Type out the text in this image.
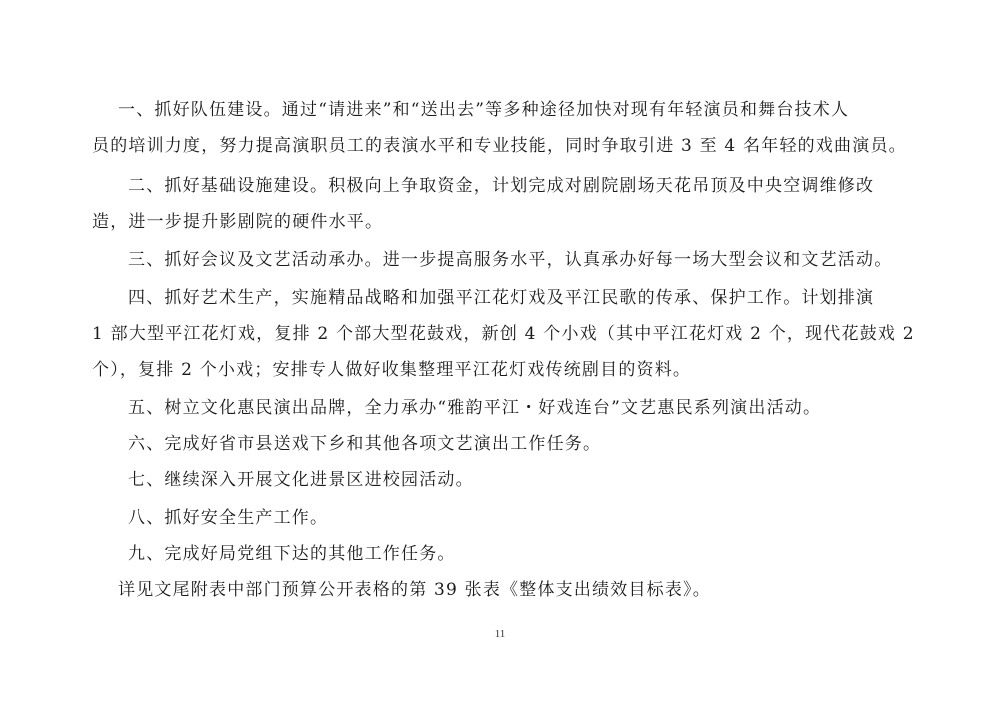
一、抓好队伍建设。通过“请进来”和“送出去”等多种途径加快对现有年轻演员和舞台技术人

员的培训力度，努力提高演职员工的表演水平和专业技能，同时争取引进 3 至 4 名年轻的戏曲演员。

二、抓好基础设施建设。积极向上争取资金，计划完成对剧院剧场天花吊顶及中央空调维修改

造，进一步提升影剧院的硬件水平。

三、抓好会议及文艺活动承办。进一步提高服务水平，认真承办好每一场大型会议和文艺活动。

四、抓好艺术生产，实施精品战略和加强平江花灯戏及平江民歌的传承、保护工作。计划排演

1 部大型平江花灯戏，复排 2 个部大型花鼓戏，新创 4 个小戏（其中平江花灯戏 2 个，现代花鼓戏 2

个），复排 2 个小戏；安排专人做好收集整理平江花灯戏传统剧目的资料。

五、树立文化惠民演出品牌，全力承办“雅韵平江・好戏连台”文艺惠民系列演出活动。

六、完成好省市县送戏下乡和其他各项文艺演出工作任务。

七、继续深入开展文化进景区进校园活动。

八、抓好安全生产工作。

九、完成好局党组下达的其他工作任务。

详见文尾附表中部门预算公开表格的第 39 张表《整体支出绩效目标表》。

11
